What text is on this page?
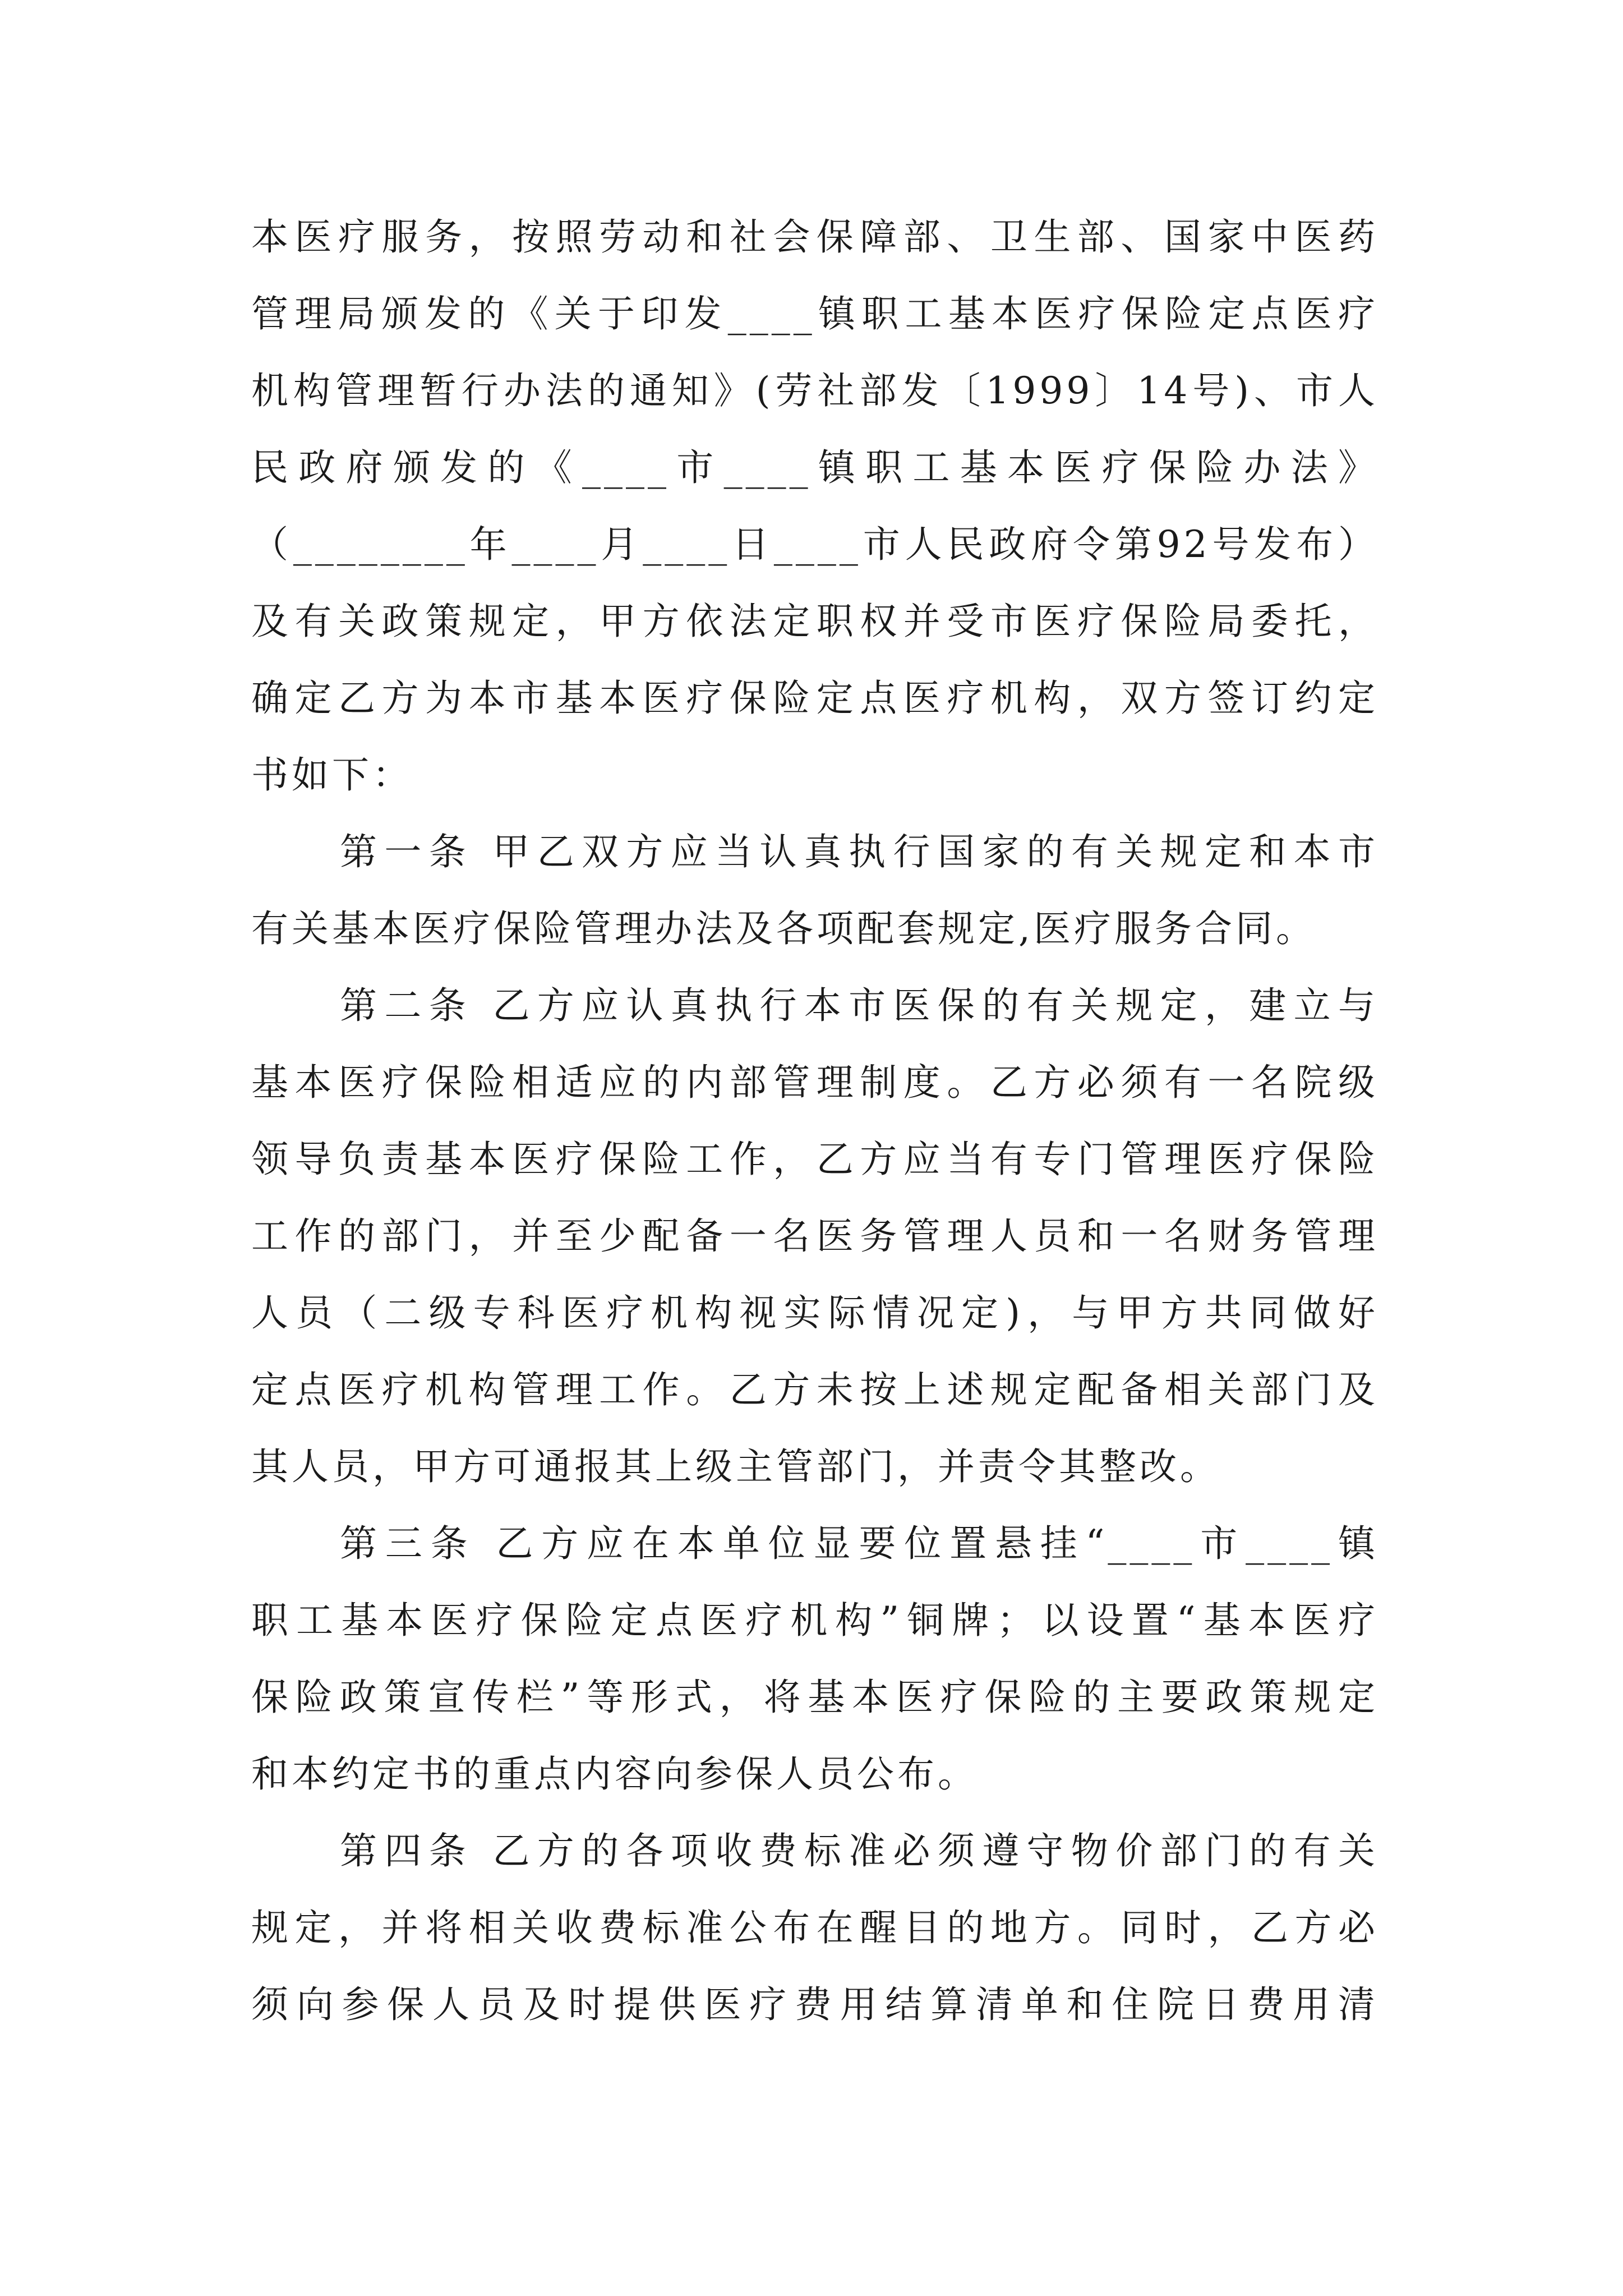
本医疗服务，按照劳动和社会保障部、卫生部、国家中医药
管理局颁发的《关于印发____镇职工基本医疗保险定点医疗
机构管理暂行办法的通知》(劳社部发〔1999〕14号)、市人
民政府颁发的《____市____镇职工基本医疗保险办法》
（________年____月____日____市人民政府令第92号发布）
及有关政策规定，甲方依法定职权并受市医疗保险局委托，
确定乙方为本市基本医疗保险定点医疗机构，双方签订约定
书如下：
第一条 甲乙双方应当认真执行国家的有关规定和本市
有关基本医疗保险管理办法及各项配套规定,医疗服务合同。
第二条 乙方应认真执行本市医保的有关规定，建立与
基本医疗保险相适应的内部管理制度。乙方必须有一名院级
领导负责基本医疗保险工作，乙方应当有专门管理医疗保险
工作的部门，并至少配备一名医务管理人员和一名财务管理
人员（二级专科医疗机构视实际情况定)，与甲方共同做好
定点医疗机构管理工作。乙方未按上述规定配备相关部门及
其人员，甲方可通报其上级主管部门，并责令其整改。
第三条 乙方应在本单位显要位置悬挂“____市____镇
职工基本医疗保险定点医疗机构”铜牌；以设置“基本医疗
保险政策宣传栏”等形式，将基本医疗保险的主要政策规定
和本约定书的重点内容向参保人员公布。
第四条 乙方的各项收费标准必须遵守物价部门的有关
规定，并将相关收费标准公布在醒目的地方。同时，乙方必
须向参保人员及时提供医疗费用结算清单和住院日费用清
